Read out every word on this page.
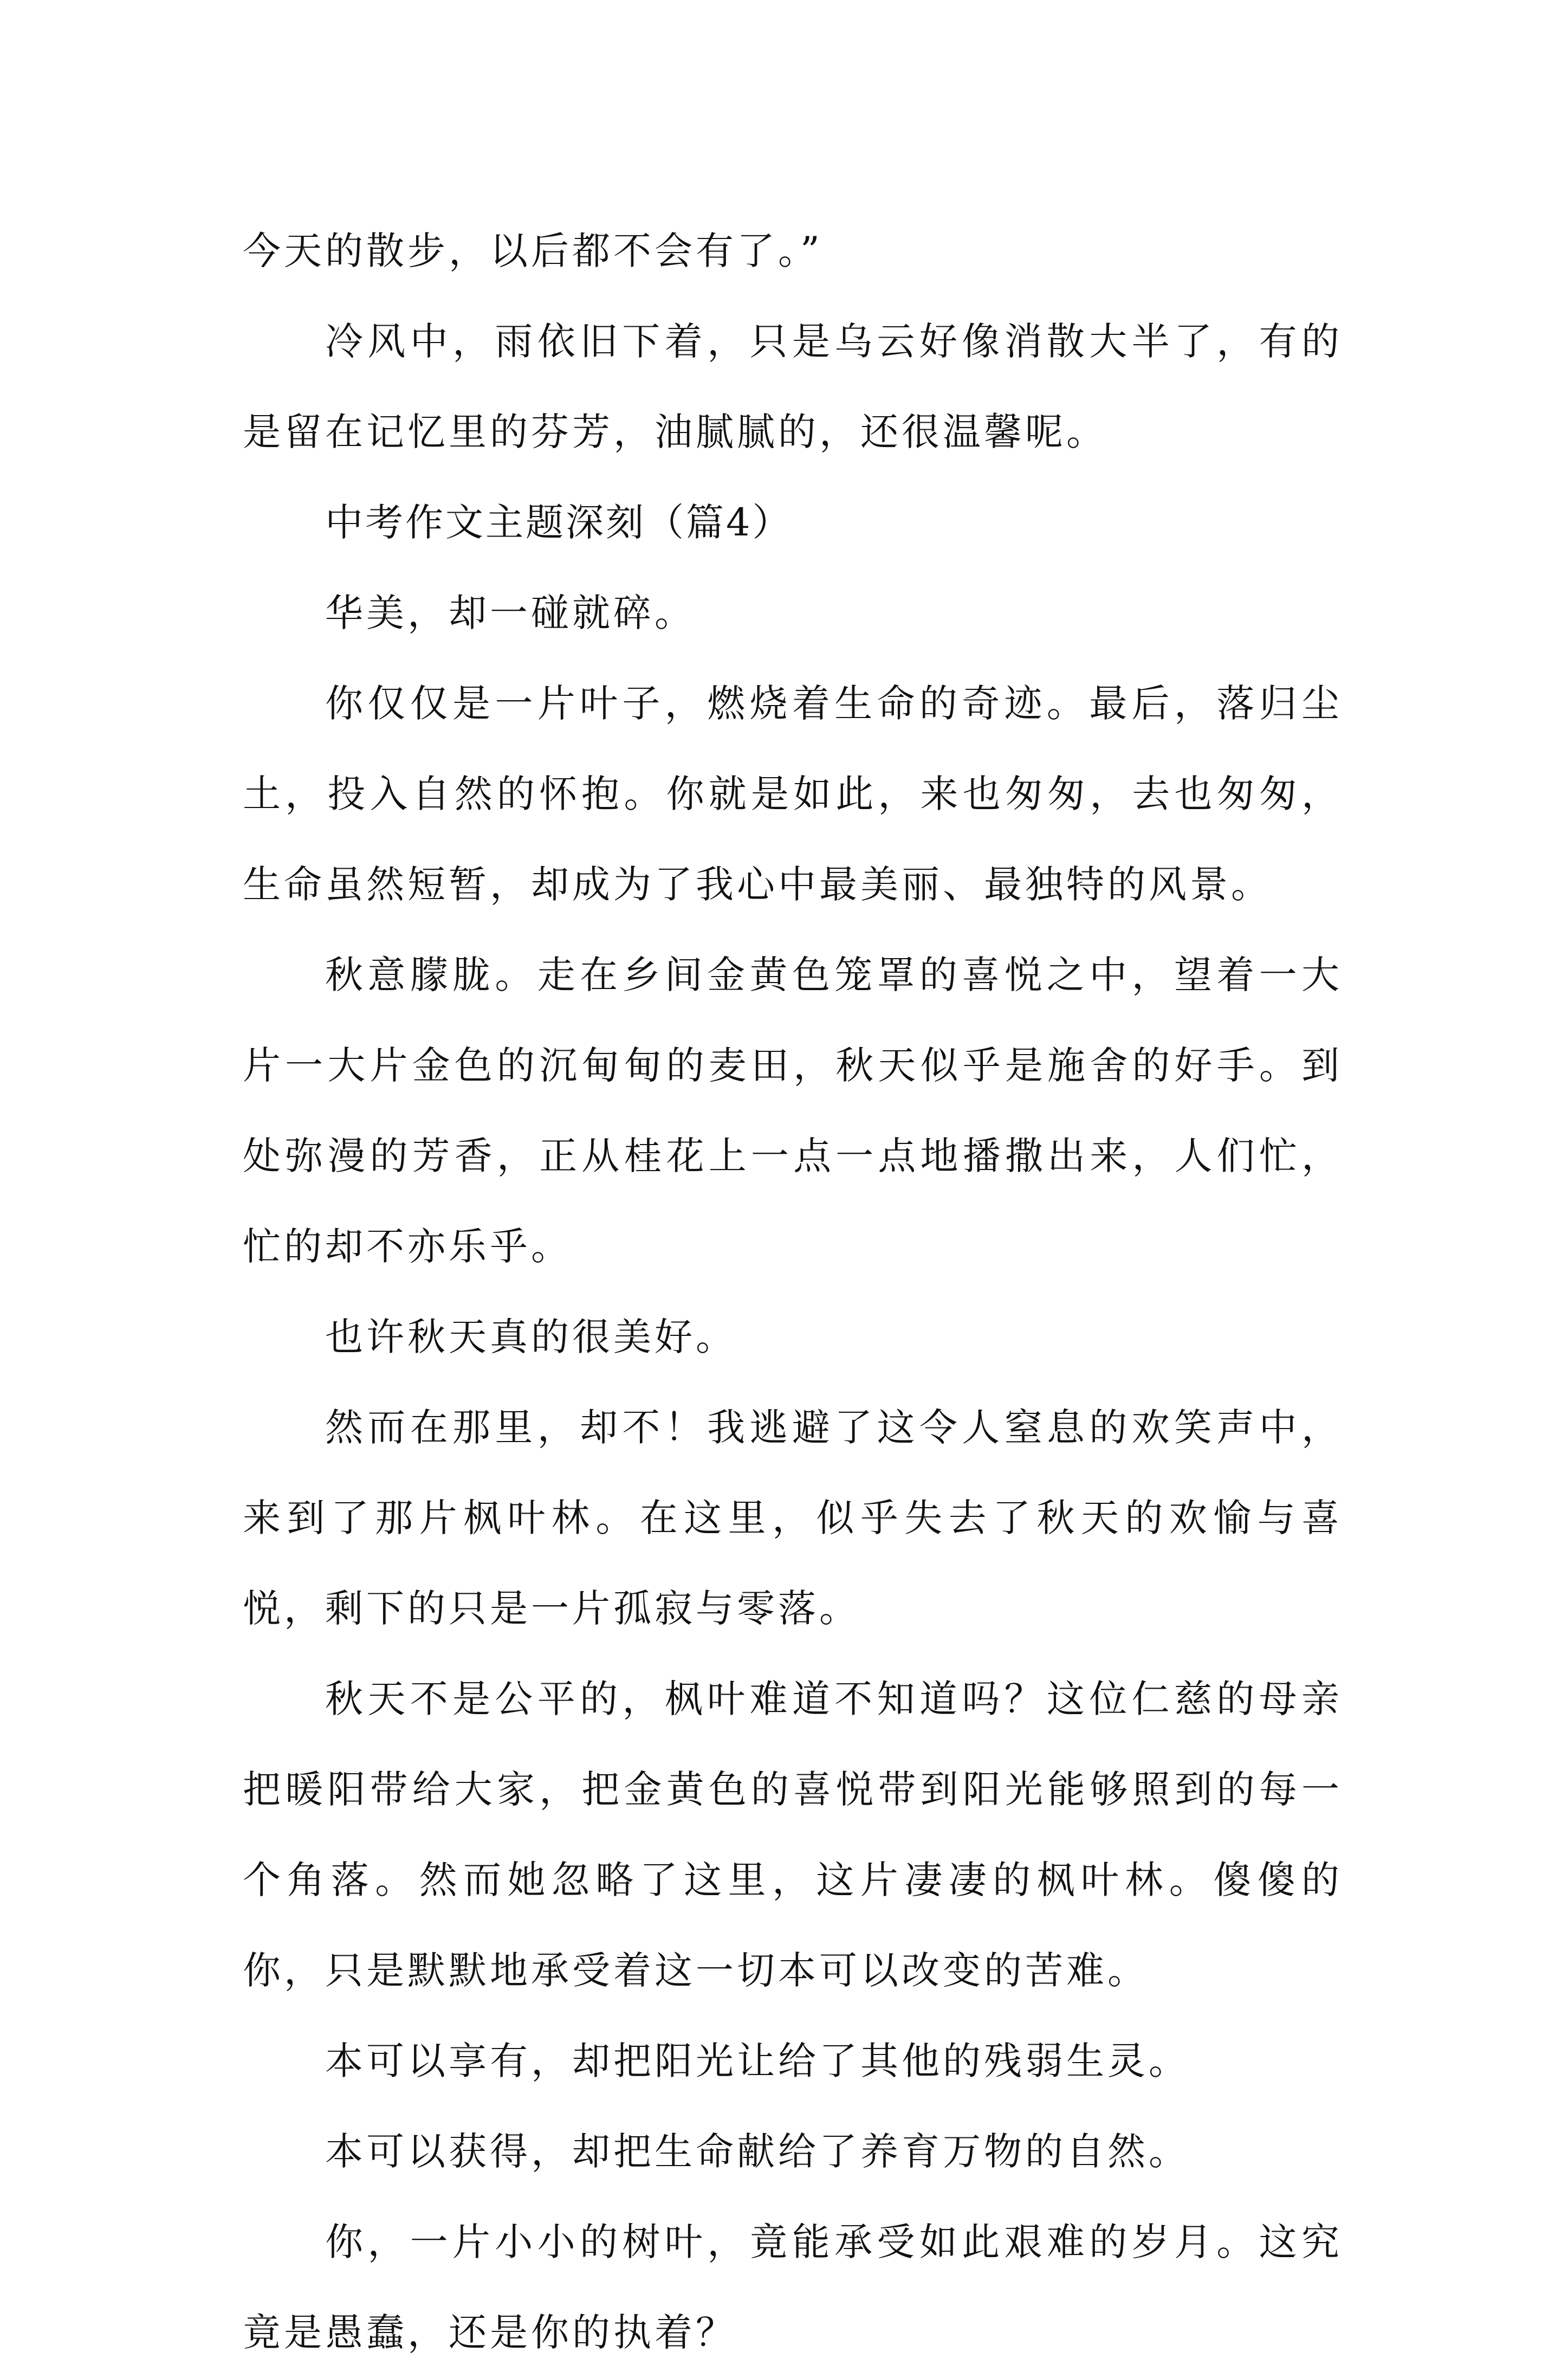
今天的散步，以后都不会有了。”

冷风中，雨依旧下着，只是乌云好像消散大半了，有的是留在记忆里的芬芳，油腻腻的，还很温馨呢。

中考作文主题深刻（篇4）

华美，却一碰就碎。

你仅仅是一片叶子，燃烧着生命的奇迹。最后，落归尘土，投入自然的怀抱。你就是如此，来也匆匆，去也匆匆，生命虽然短暂，却成为了我心中最美丽、最独特的风景。

秋意朦胧。走在乡间金黄色笼罩的喜悦之中，望着一大片一大片金色的沉甸甸的麦田，秋天似乎是施舍的好手。到处弥漫的芳香，正从桂花上一点一点地播撒出来，人们忙，忙的却不亦乐乎。

也许秋天真的很美好。

然而在那里，却不！我逃避了这令人窒息的欢笑声中，来到了那片枫叶林。在这里，似乎失去了秋天的欢愉与喜悦，剩下的只是一片孤寂与零落。

秋天不是公平的，枫叶难道不知道吗？这位仁慈的母亲把暖阳带给大家，把金黄色的喜悦带到阳光能够照到的每一个角落。然而她忽略了这里，这片凄凄的枫叶林。傻傻的你，只是默默地承受着这一切本可以改变的苦难。

本可以享有，却把阳光让给了其他的残弱生灵。

本可以获得，却把生命献给了养育万物的自然。

你，一片小小的树叶，竟能承受如此艰难的岁月。这究竟是愚蠢，还是你的执着？
